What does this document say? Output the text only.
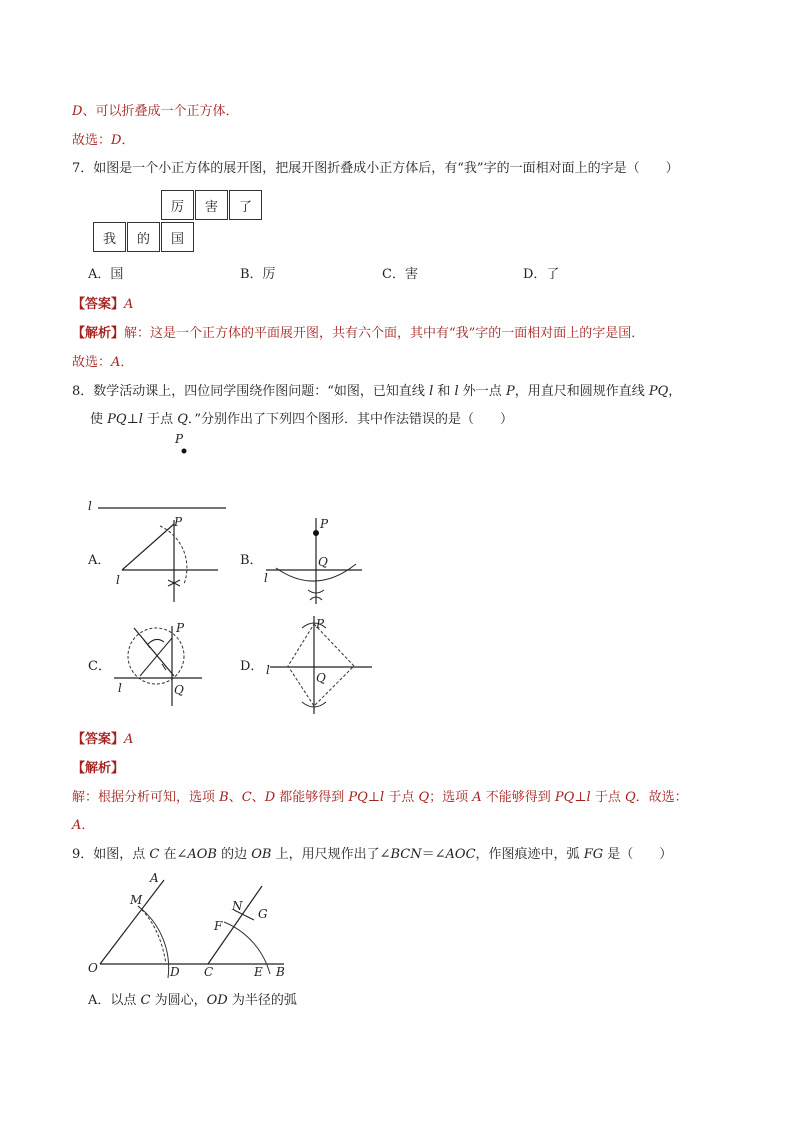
D、可以折叠成一个正方体．
故选：D．
7．如图是一个小正方体的展开图，把展开图折叠成小正方体后，有“我”字的一面相对面上的字是（　　）
厉	害	了
我	的	国
A．国	B．厉	C．害	D．了
【答案】A
【解析】解：这是一个正方体的平面展开图，共有六个面，其中有“我”字的一面相对面上的字是国．
故选：A．
8．数学活动课上，四位同学围绕作图问题：“如图，已知直线 l 和 l 外一点 P，用直尺和圆规作直线 PQ，
使 PQ⊥l 于点 Q．”分别作出了下列四个图形．其中作法错误的是（　　）
P
l
A．
P
l
B．
P
l
Q
C．
P
l	Q
D．
P
l
Q
【答案】A
【解析】
解：根据分析可知，选项 B、C、D 都能够得到 PQ⊥l 于点 Q；选项 A 不能够得到 PQ⊥l 于点 Q．故选：
A．
9．如图，点 C 在∠AOB 的边 OB 上，用尺规作出了∠BCN＝∠AOC，作图痕迹中，弧 FG 是（　　）
A
M
O	D C
N
G
F
E B
A．以点 C 为圆心，OD 为半径的弧
